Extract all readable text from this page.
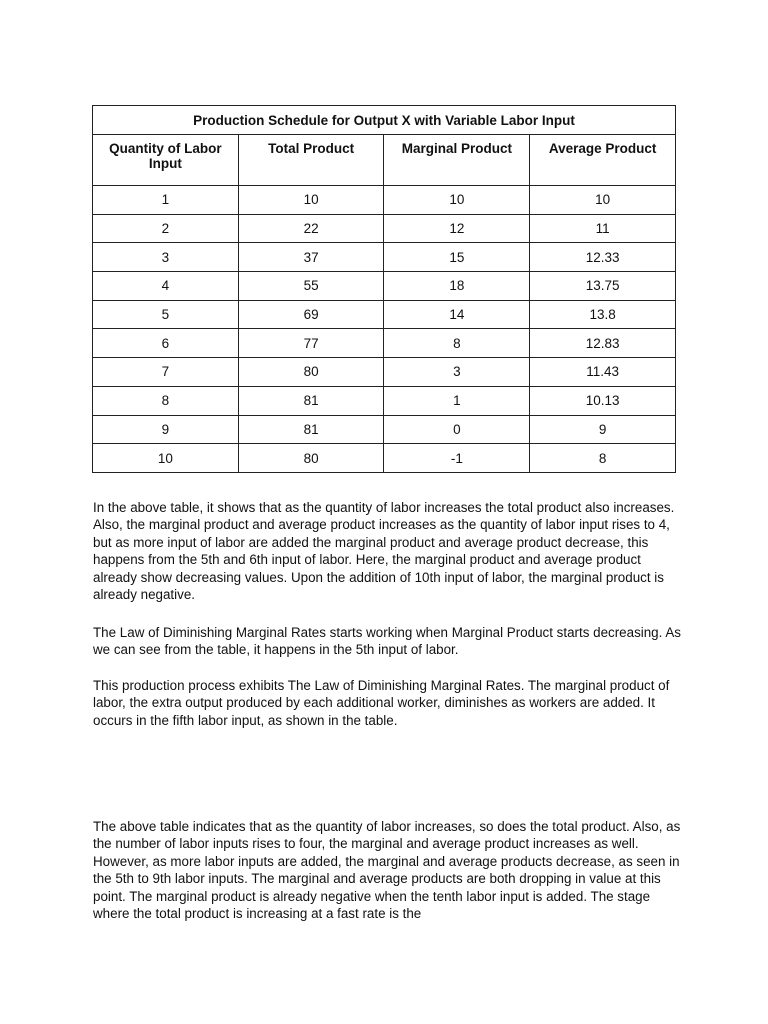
Production Schedule for Output X with Variable Labor Input			
Quantity of Labor Input	Total Product	Marginal Product	Average Product
1	10	10	10
2	22	12	11
3	37	15	12.33
4	55	18	13.75
5	69	14	13.8
6	77	8	12.83
7	80	3	11.43
8	81	1	10.13
9	81	0	9
10	80	-1	8

In the above table, it shows that as the quantity of labor increases the total product also increases. Also, the marginal product and average product increases as the quantity of labor input rises to 4, but as more input of labor are added the marginal product and average product decrease, this happens from the 5th and 6th input of labor. Here, the marginal product and average product already show decreasing values. Upon the addition of 10th input of labor, the marginal product is already negative.

The Law of Diminishing Marginal Rates starts working when Marginal Product starts decreasing. As we can see from the table, it happens in the 5th input of labor.

This production process exhibits The Law of Diminishing Marginal Rates. The marginal product of labor, the extra output produced by each additional worker, diminishes as workers are added. It occurs in the fifth labor input, as shown in the table.

The above table indicates that as the quantity of labor increases, so does the total product. Also, as the number of labor inputs rises to four, the marginal and average product increases as well. However, as more labor inputs are added, the marginal and average products decrease, as seen in the 5th to 9th labor inputs. The marginal and average products are both dropping in value at this point. The marginal product is already negative when the tenth labor input is added. The stage where the total product is increasing at a fast rate is the
